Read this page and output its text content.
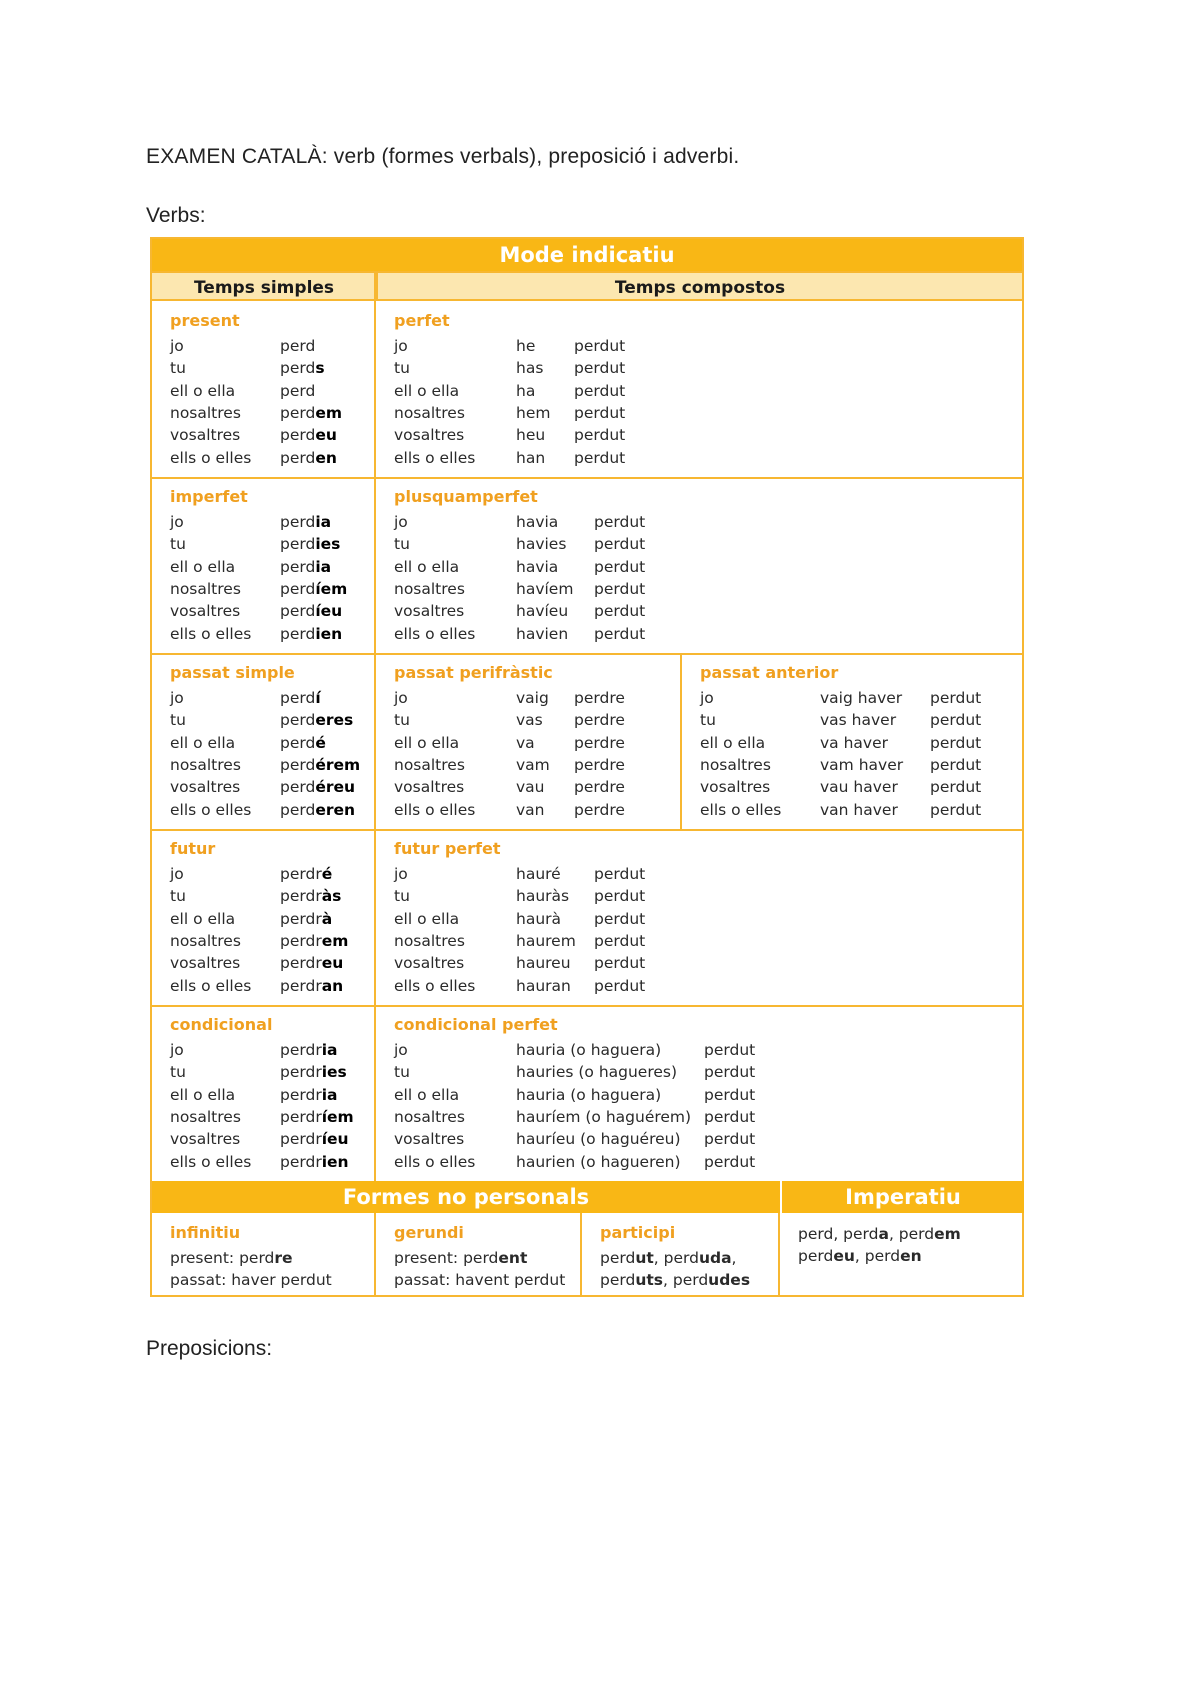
EXAMEN CATALÀ: verb (formes verbals), preposició i adverbi.
Verbs:
Mode indicatiu
Temps simples	Temps compostos
present
jo	perd
tu	perds
ell o ella	perd
nosaltres	perdem
vosaltres	perdeu
ells o elles perden
perfet
jo	he perdut
tu	has perdut
ell o ella	ha perdut
nosaltres	hem perdut
vosaltres	heu perdut
ells o elles	han perdut
imperfet
jo	perdia
tu	perdies
ell o ella	perdia
nosaltres	perdíem
vosaltres	perdíeu
ells o elles perdien
plusquamperfet
jo	havia perdut
tu	havies perdut
ell o ella	havia perdut
nosaltres	havíem perdut
vosaltres	havíeu perdut
ells o elles	havien perdut
passat simple
jo	perdí
tu	perderes
ell o ella	perdé
nosaltres	perdérem
vosaltres	perdéreu
ells o elles perderen
passat perifràstic
jo	vaig perdre
tu	vas perdre
ell o ella	va	perdre
nosaltres	vam perdre
vosaltres	vau perdre
ells o elles	van perdre
passat anterior
jo	vaig haver perdut
tu	vas haver perdut
ell o ella	va haver	perdut
nosaltres	vam haver perdut
vosaltres	vau haver perdut
ells o elles van haver perdut
futur
jo	perdré
tu	perdràs
ell o ella	perdrà
nosaltres	perdrem
vosaltres	perdreu
ells o elles perdran
futur perfet
jo	hauré perdut
tu	hauràs perdut
ell o ella	haurà perdut
nosaltres	haurem perdut
vosaltres	haureu perdut
ells o elles	hauran perdut
condicional
jo	perdria
tu	perdries
ell o ella	perdria
nosaltres	perdríem
vosaltres	perdríeu
ells o elles perdrien
condicional perfet
jo	hauria (o haguera)	perdut
tu	hauries (o hagueres) perdut
ell o ella	hauria (o haguera)	perdut
nosaltres	hauríem (o haguérem) perdut
vosaltres	hauríeu (o haguéreu) perdut
ells o elles	haurien (o hagueren) perdut
Formes no personals	Imperatiu
infinitiu
present: perdre
passat: haver perdut
gerundi
present: perdent
passat: havent perdut
participi
perdut, perduda,
perduts, perdudes
perd, perda, perdem
perdeu, perden
Preposicions:
